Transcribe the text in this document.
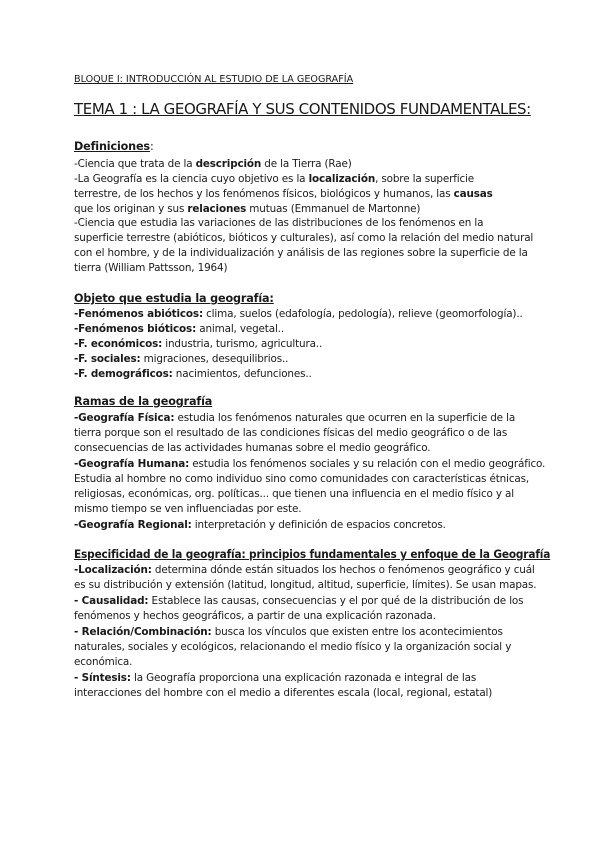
BLOQUE I: INTRODUCCIÓN AL ESTUDIO DE LA GEOGRAFÍA
TEMA 1 : LA GEOGRAFÍA Y SUS CONTENIDOS FUNDAMENTALES:
Definiciones:
-Ciencia que trata de la descripción de la Tierra (Rae)
-La Geografía es la ciencia cuyo objetivo es la localización, sobre la superficie
terrestre, de los hechos y los fenómenos físicos, biológicos y humanos, las causas
que los originan y sus relaciones mutuas (Emmanuel de Martonne)
-Ciencia que estudia las variaciones de las distribuciones de los fenómenos en la
superficie terrestre (abióticos, bióticos y culturales), así como la relación del medio natural
con el hombre, y de la individualización y análisis de las regiones sobre la superficie de la
tierra (William Pattsson, 1964)
Objeto que estudia la geografía:
-Fenómenos abióticos: clima, suelos (edafología, pedología), relieve (geomorfología)..
-Fenómenos bióticos: animal, vegetal..
-F. económicos: industria, turismo, agricultura..
-F. sociales: migraciones, desequilibrios..
-F. demográficos: nacimientos, defunciones..
Ramas de la geografía
-Geografía Física: estudia los fenómenos naturales que ocurren en la superficie de la
tierra porque son el resultado de las condiciones físicas del medio geográfico o de las
consecuencias de las actividades humanas sobre el medio geográfico.
-Geografía Humana: estudia los fenómenos sociales y su relación con el medio geográfico.
Estudia al hombre no como individuo sino como comunidades con características étnicas,
religiosas, económicas, org. políticas... que tienen una influencia en el medio físico y al
mismo tiempo se ven influenciadas por este.
-Geografía Regional: interpretación y definición de espacios concretos.
Especificidad de la geografía: principios fundamentales y enfoque de la Geografía
-Localización: determina dónde están situados los hechos o fenómenos geográfico y cuál
es su distribución y extensión (latitud, longitud, altitud, superficie, límites). Se usan mapas.
- Causalidad: Establece las causas, consecuencias y el por qué de la distribución de los
fenómenos y hechos geográficos, a partir de una explicación razonada.
- Relación/Combinación: busca los vínculos que existen entre los acontecimientos
naturales, sociales y ecológicos, relacionando el medio físico y la organización social y
económica.
- Síntesis: la Geografía proporciona una explicación razonada e integral de las
interacciones del hombre con el medio a diferentes escala (local, regional, estatal)
